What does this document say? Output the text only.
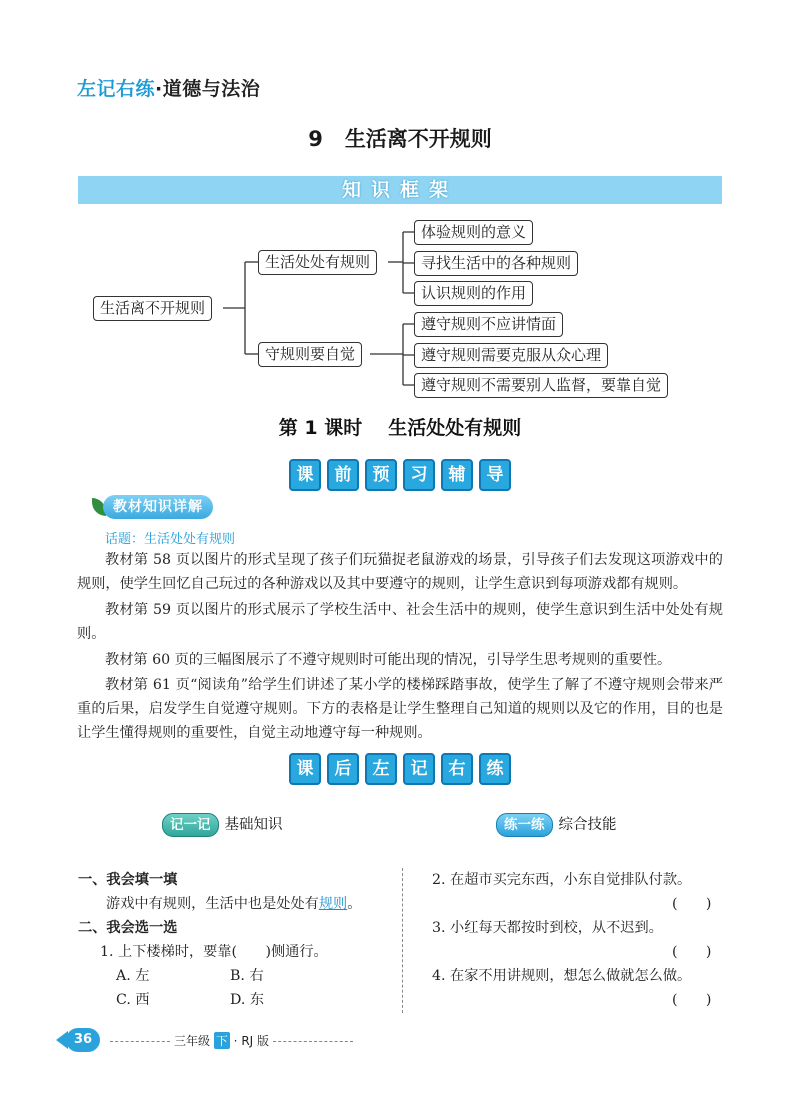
左记右练·道德与法治
9 生活离不开规则
知识框架
生活离不开规则
生活处处有规则
守规则要自觉
体验规则的意义
寻找生活中的各种规则
认识规则的作用
遵守规则不应讲情面
遵守规则需要克服从众心理
遵守规则不需要别人监督，要靠自觉
第 1 课时 生活处处有规则
课 前 预 习 辅 导
教材知识详解
话题：生活处处有规则
教材第 58 页以图片的形式呈现了孩子们玩猫捉老鼠游戏的场景，引导孩子们去发现这项游戏中的规则，使学生回忆自己玩过的各种游戏以及其中要遵守的规则，让学生意识到每项游戏都有规则。
教材第 59 页以图片的形式展示了学校生活中、社会生活中的规则，使学生意识到生活中处处有规则。
教材第 60 页的三幅图展示了不遵守规则时可能出现的情况，引导学生思考规则的重要性。
教材第 61 页“阅读角”给学生们讲述了某小学的楼梯踩踏事故，使学生了解了不遵守规则会带来严重的后果，启发学生自觉遵守规则。下方的表格是让学生整理自己知道的规则以及它的作用，目的也是让学生懂得规则的重要性，自觉主动地遵守每一种规则。
课 后 左 记 右 练
记一记 基础知识
一、我会填一填
游戏中有规则，生活中也是处处有规则。
二、我会选一选
1. 上下楼梯时，要靠(　　)侧通行。
A. 左	B. 右
C. 西	D. 东
练一练 综合技能
2. 在超市买完东西，小东自觉排队付款。
(　　)
3. 小红每天都按时到校，从不迟到。
(　　)
4. 在家不用讲规则，想怎么做就怎么做。
(　　)
36	三年级 下 · RJ 版
